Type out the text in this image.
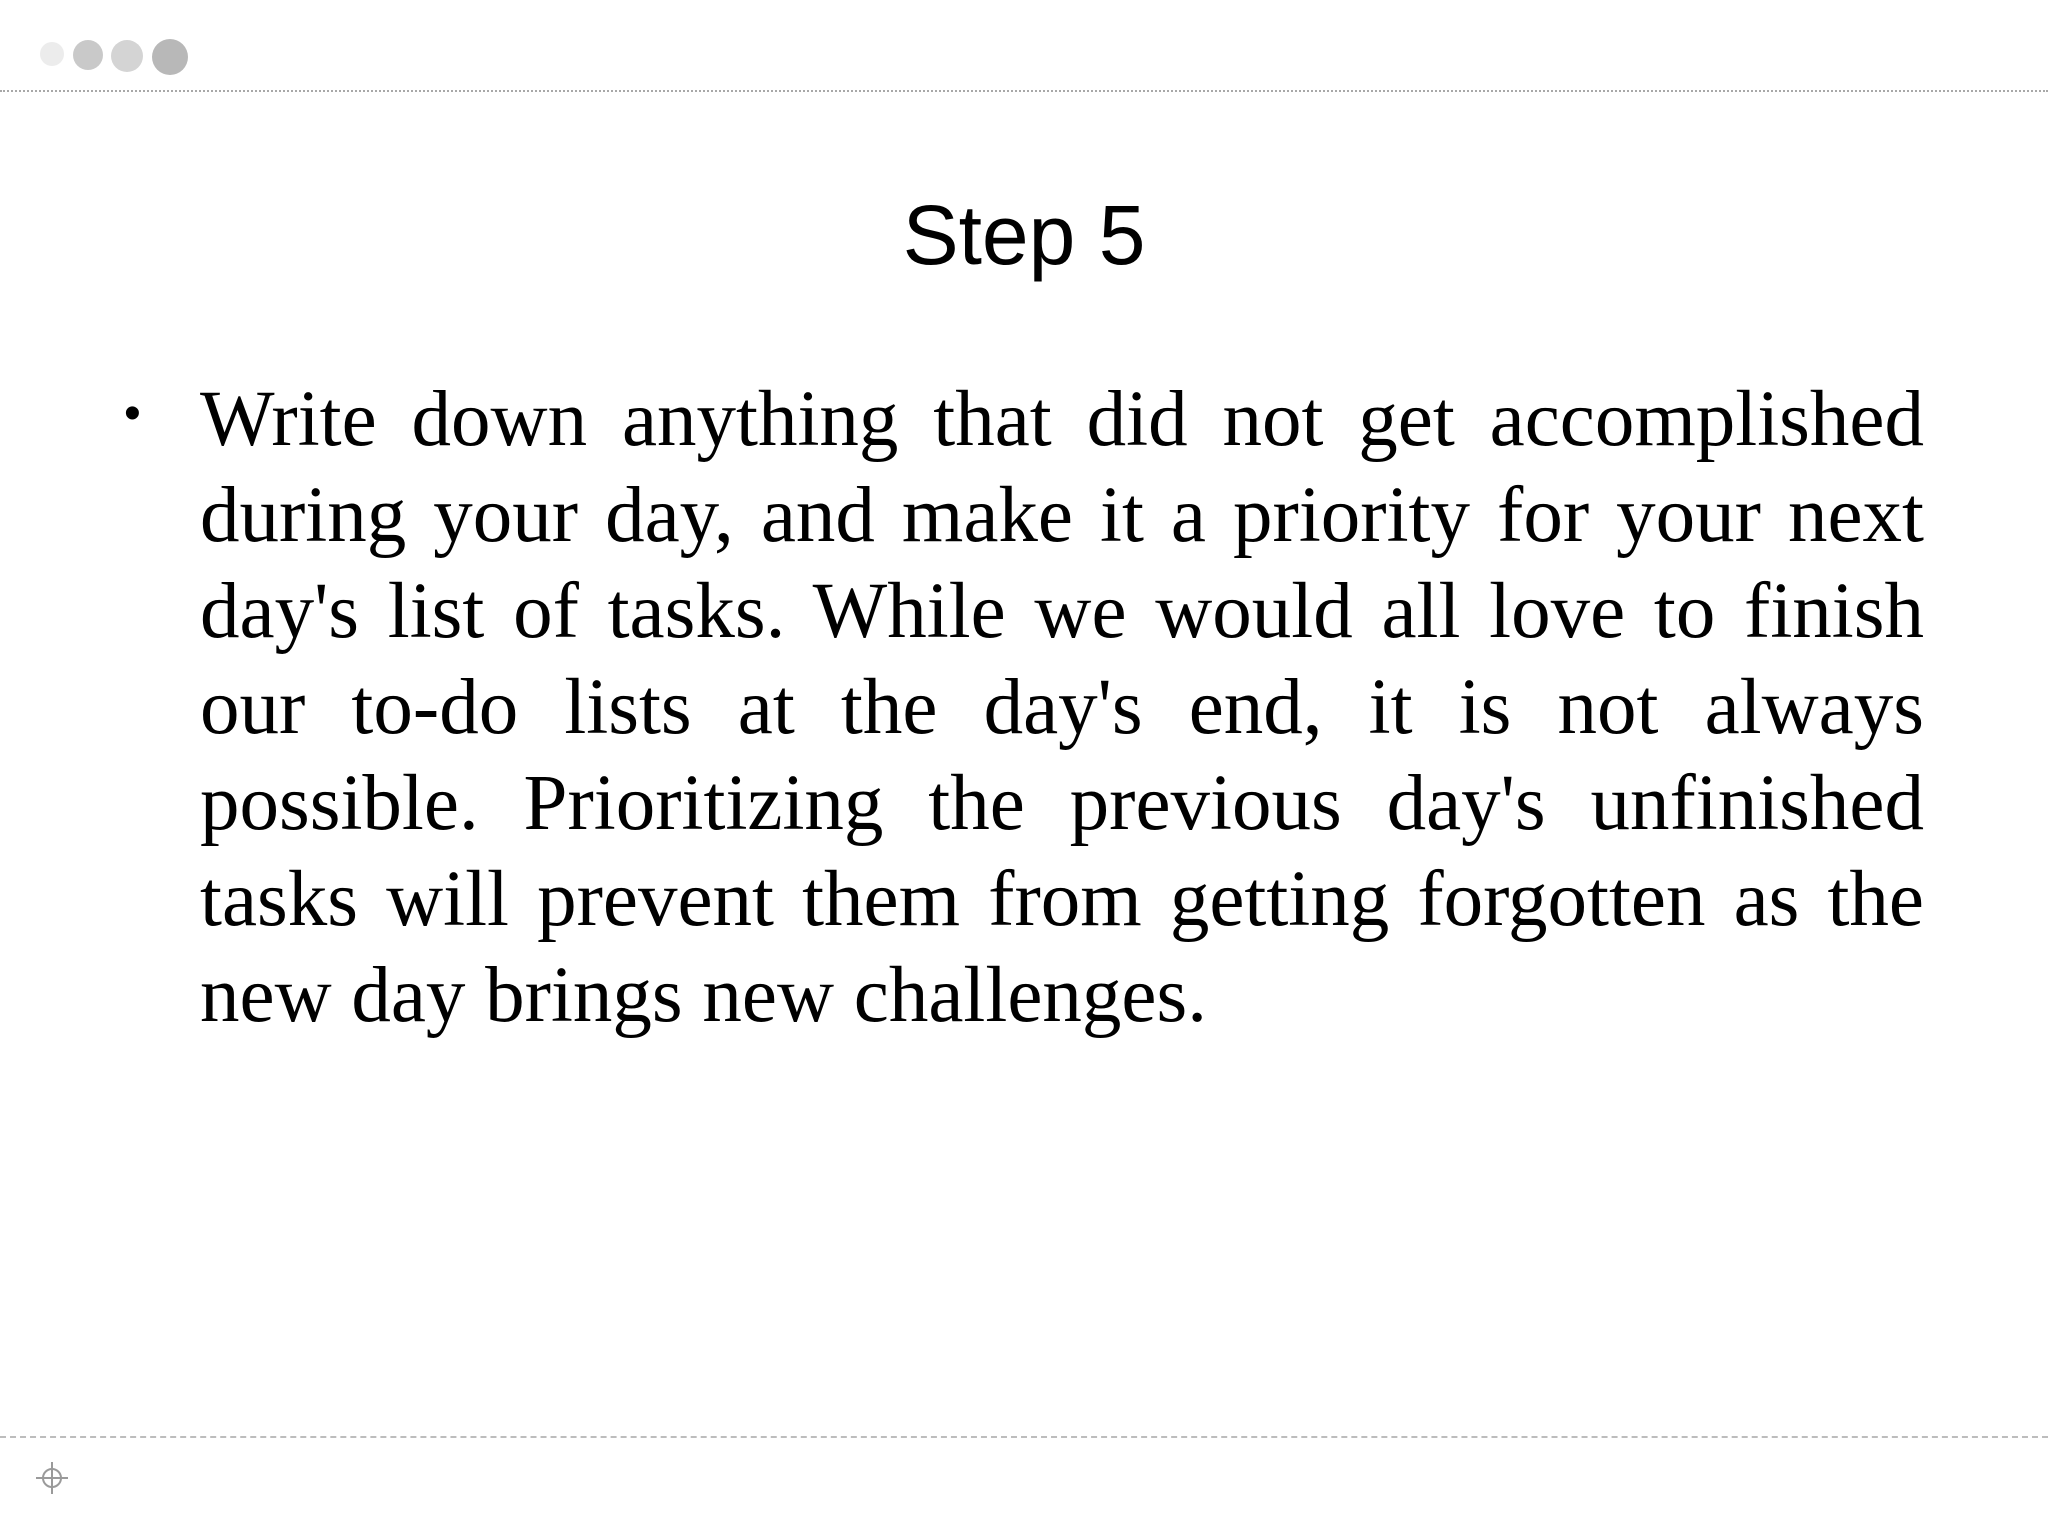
Step 5
• Write down anything that did not get accomplished during your day, and make it a priority for your next day's list of tasks. While we would all love to finish our to-do lists at the day's end, it is not always possible. Prioritizing the previous day's unfinished tasks will prevent them from getting forgotten as the new day brings new challenges.
